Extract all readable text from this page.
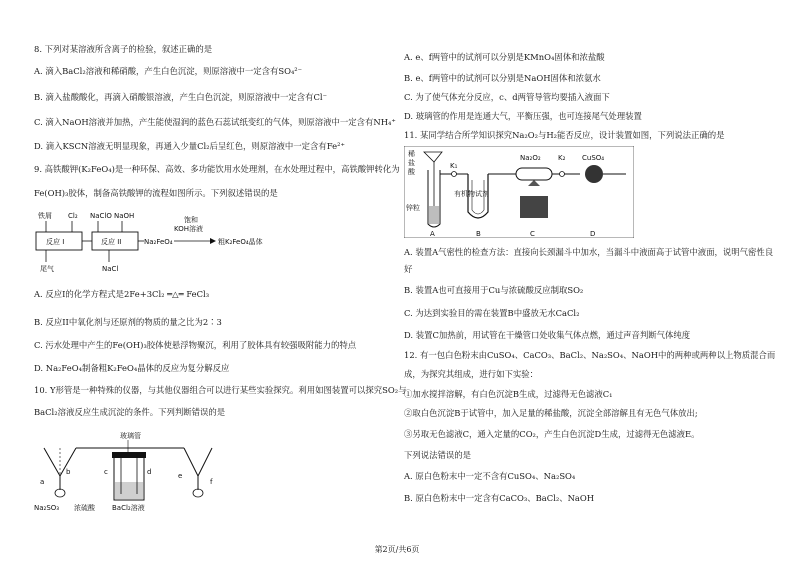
8. 下列对某溶液所含离子的检验，叙述正确的是
A. 滴入BaCl₂溶液和稀硝酸，产生白色沉淀，则原溶液中一定含有SO₄²⁻
B. 滴入盐酸酸化，再滴入硝酸银溶液，产生白色沉淀，则原溶液中一定含有Cl⁻
C. 滴入NaOH溶液并加热，产生能使湿润的蓝色石蕊试纸变红的气体，则原溶液中一定含有NH₄⁺
D. 滴入KSCN溶液无明显现象，再通入少量Cl₂后呈红色，则原溶液中一定含有Fe²⁺
9. 高铁酸钾(K₂FeO₄)是一种环保、高效、多功能饮用水处理剂，在水处理过程中，高铁酸钾转化为
Fe(OH)₃胶体，制备高铁酸钾的流程如图所示。下列叙述错误的是
铁屑 Cl₂ NaClO NaOH
反应 I	反应 II
尾气	NaCl
Na₂FeO₄
饱和
KOH溶液
粗K₂FeO₄晶体
A. 反应I的化学方程式是2Fe+3Cl₂ ═△═ FeCl₃
B. 反应II中氧化剂与还原剂的物质的量之比为2∶3
C. 污水处理中产生的Fe(OH)₃胶体使悬浮物聚沉，利用了胶体具有较强吸附能力的特点
D. Na₂FeO₄制备粗K₂FeO₄晶体的反应为复分解反应
10. Y形管是一种特殊的仪器，与其他仪器组合可以进行某些实验探究。利用如图装置可以探究SO₂与
BaCl₂溶液反应生成沉淀的条件。下列判断错误的是
a
b
玻璃管
c	d	e
f
Na₂SO₃ 浓硫酸 BaCl₂溶液
A. e、f两管中的试剂可以分别是KMnO₄固体和浓盐酸
B. e、f两管中的试剂可以分别是NaOH固体和浓氨水
C. 为了使气体充分反应，c、d两管导管均要插入液面下
D. 玻璃管的作用是连通大气，平衡压强，也可连接尾气处理装置
11. 某同学结合所学知识探究Na₂O₂与H₂能否反应，设计装置如图，下列说法正确的是
稀
盐
酸
锌粒
K₁
A
有机物试剂
B
Na₂O₂
C
K₂ CuSO₄
D
A. 装置A气密性的检查方法：直接向长颈漏斗中加水，当漏斗中液面高于试管中液面，说明气密性良
好
B. 装置A也可直接用于Cu与浓硫酸反应制取SO₂
C. 为达到实验目的需在装置B中盛放无水CaCl₂
D. 装置C加热前，用试管在干燥管口处收集气体点燃，通过声音判断气体纯度
12. 有一包白色粉末由CuSO₄、CaCO₃、BaCl₂、Na₂SO₄、NaOH中的两种或两种以上物质混合而
成，为探究其组成，进行如下实验：
①加水搅拌溶解，有白色沉淀B生成，过滤得无色滤液C₁
②取白色沉淀B于试管中，加入足量的稀盐酸，沉淀全部溶解且有无色气体放出;
③另取无色滤液C，通入定量的CO₂，产生白色沉淀D生成，过滤得无色滤液E。
下列说法错误的是
A. 原白色粉末中一定不含有CuSO₄、Na₂SO₄
B. 原白色粉末中一定含有CaCO₃、BaCl₂、NaOH
第2页/共6页
